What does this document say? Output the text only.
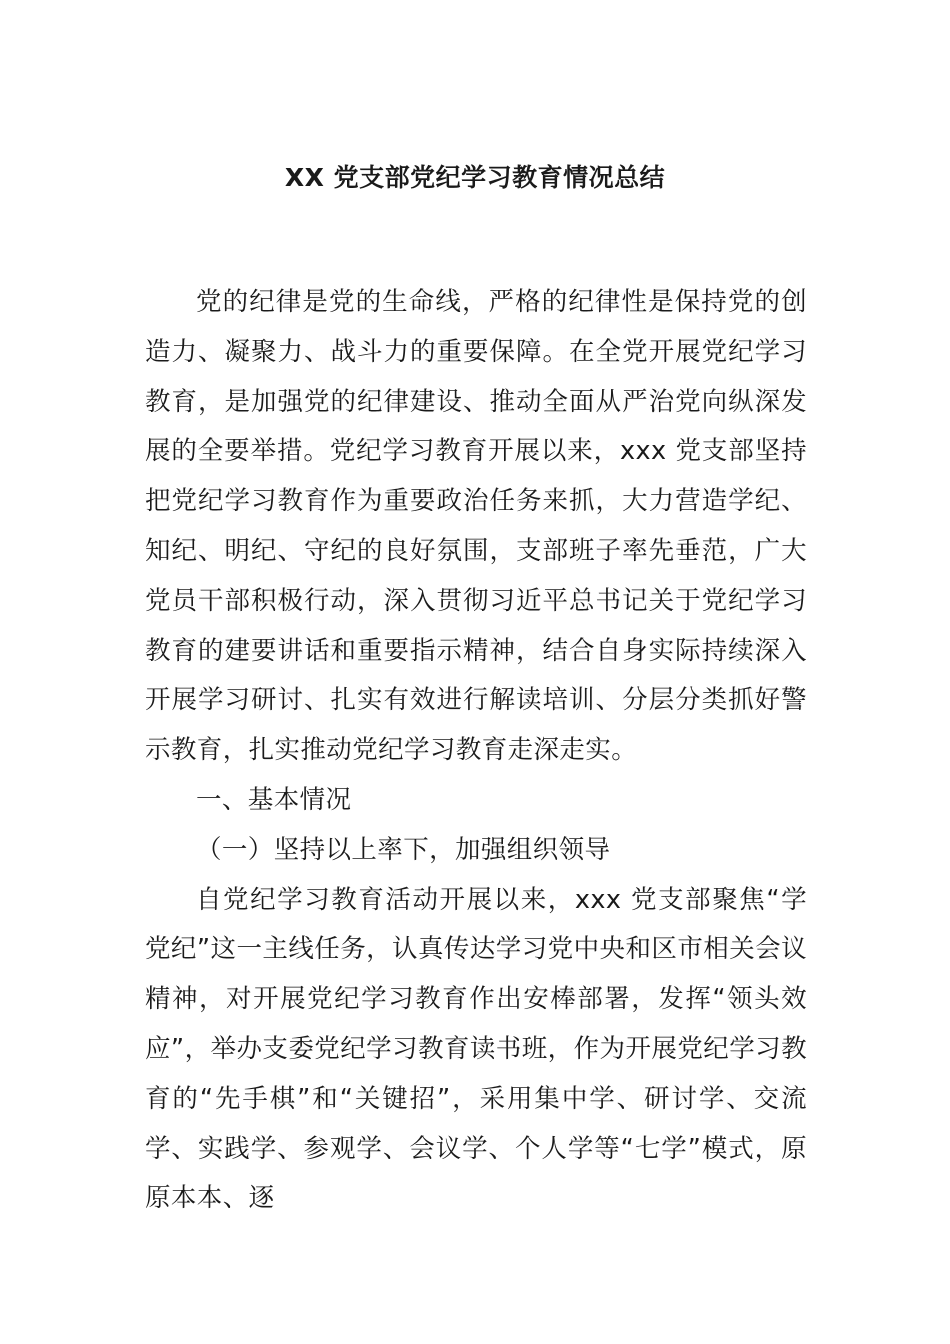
XX 党支部党纪学习教育情况总结

党的纪律是党的生命线，严格的纪律性是保持党的创造力、凝聚力、战斗力的重要保障。在全党开展党纪学习教育，是加强党的纪律建设、推动全面从严治党向纵深发展的全要举措。党纪学习教育开展以来，xxx 党支部坚持把党纪学习教育作为重要政治任务来抓，大力营造学纪、知纪、明纪、守纪的良好氛围，支部班子率先垂范，广大党员干部积极行动，深入贯彻习近平总书记关于党纪学习教育的建要讲话和重要指示精神，结合自身实际持续深入开展学习研讨、扎实有效进行解读培训、分层分类抓好警示教育，扎实推动党纪学习教育走深走实。

一、基本情况

（一）坚持以上率下，加强组织领导

自党纪学习教育活动开展以来，xxx 党支部聚焦“学党纪”这一主线任务，认真传达学习党中央和区市相关会议精神，对开展党纪学习教育作出安棒部署，发挥“领头效应”，举办支委党纪学习教育读书班，作为开展党纪学习教育的“先手棋”和“关键招”，采用集中学、研讨学、交流学、实践学、参观学、会议学、个人学等“七学”模式，原原本本、逐
